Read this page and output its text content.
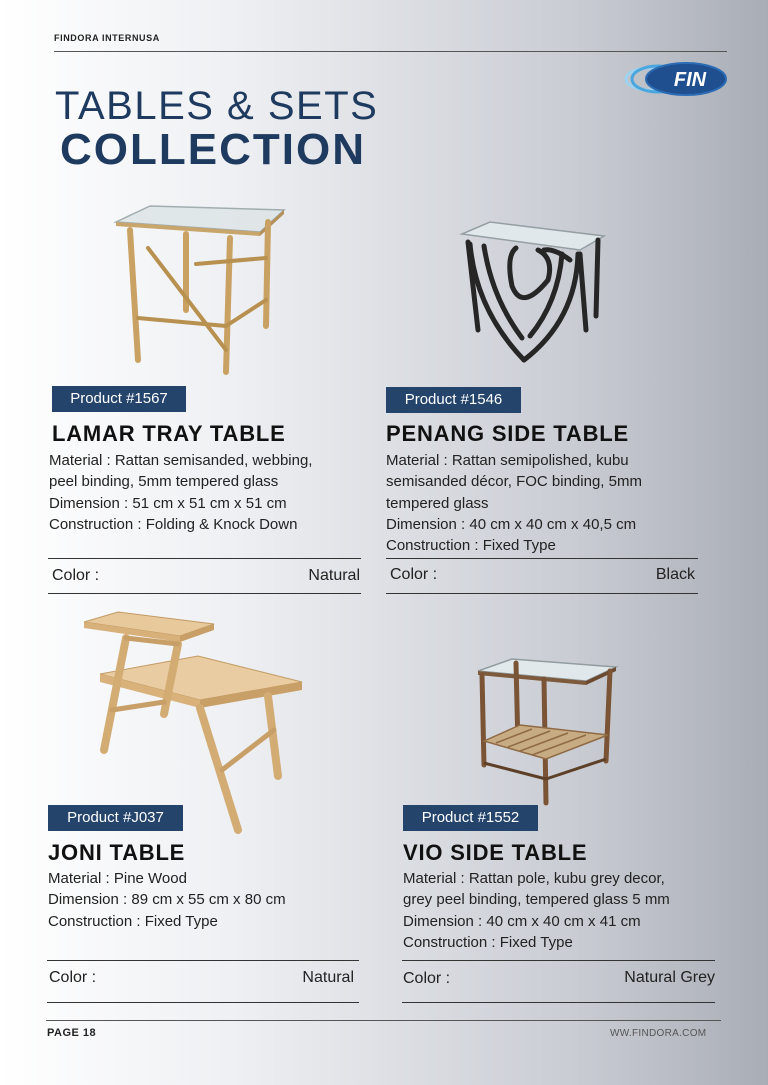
FINDORA INTERNUSA
FIN
TABLES & SETS
COLLECTION
Product #1567
LAMAR TRAY TABLE
Material : Rattan semisanded, webbing,
peel binding, 5mm tempered glass
Dimension : 51 cm x 51 cm x 51 cm
Construction : Folding & Knock Down
Color :	Natural
Product #1546
PENANG SIDE TABLE
Material : Rattan semipolished, kubu
semisanded décor, FOC binding, 5mm
tempered glass
Dimension : 40 cm x 40 cm x 40,5 cm
Construction : Fixed Type
Color :	Black
Product #J037
JONI TABLE
Material : Pine Wood
Dimension : 89 cm x 55 cm x 80 cm
Construction : Fixed Type
Color :	Natural
Product #1552
VIO SIDE TABLE
Material : Rattan pole, kubu grey decor,
grey peel binding, tempered glass 5 mm
Dimension : 40 cm x 40 cm x 41 cm
Construction : Fixed Type
Color :	Natural Grey
PAGE 18	WW.FINDORA.COM
